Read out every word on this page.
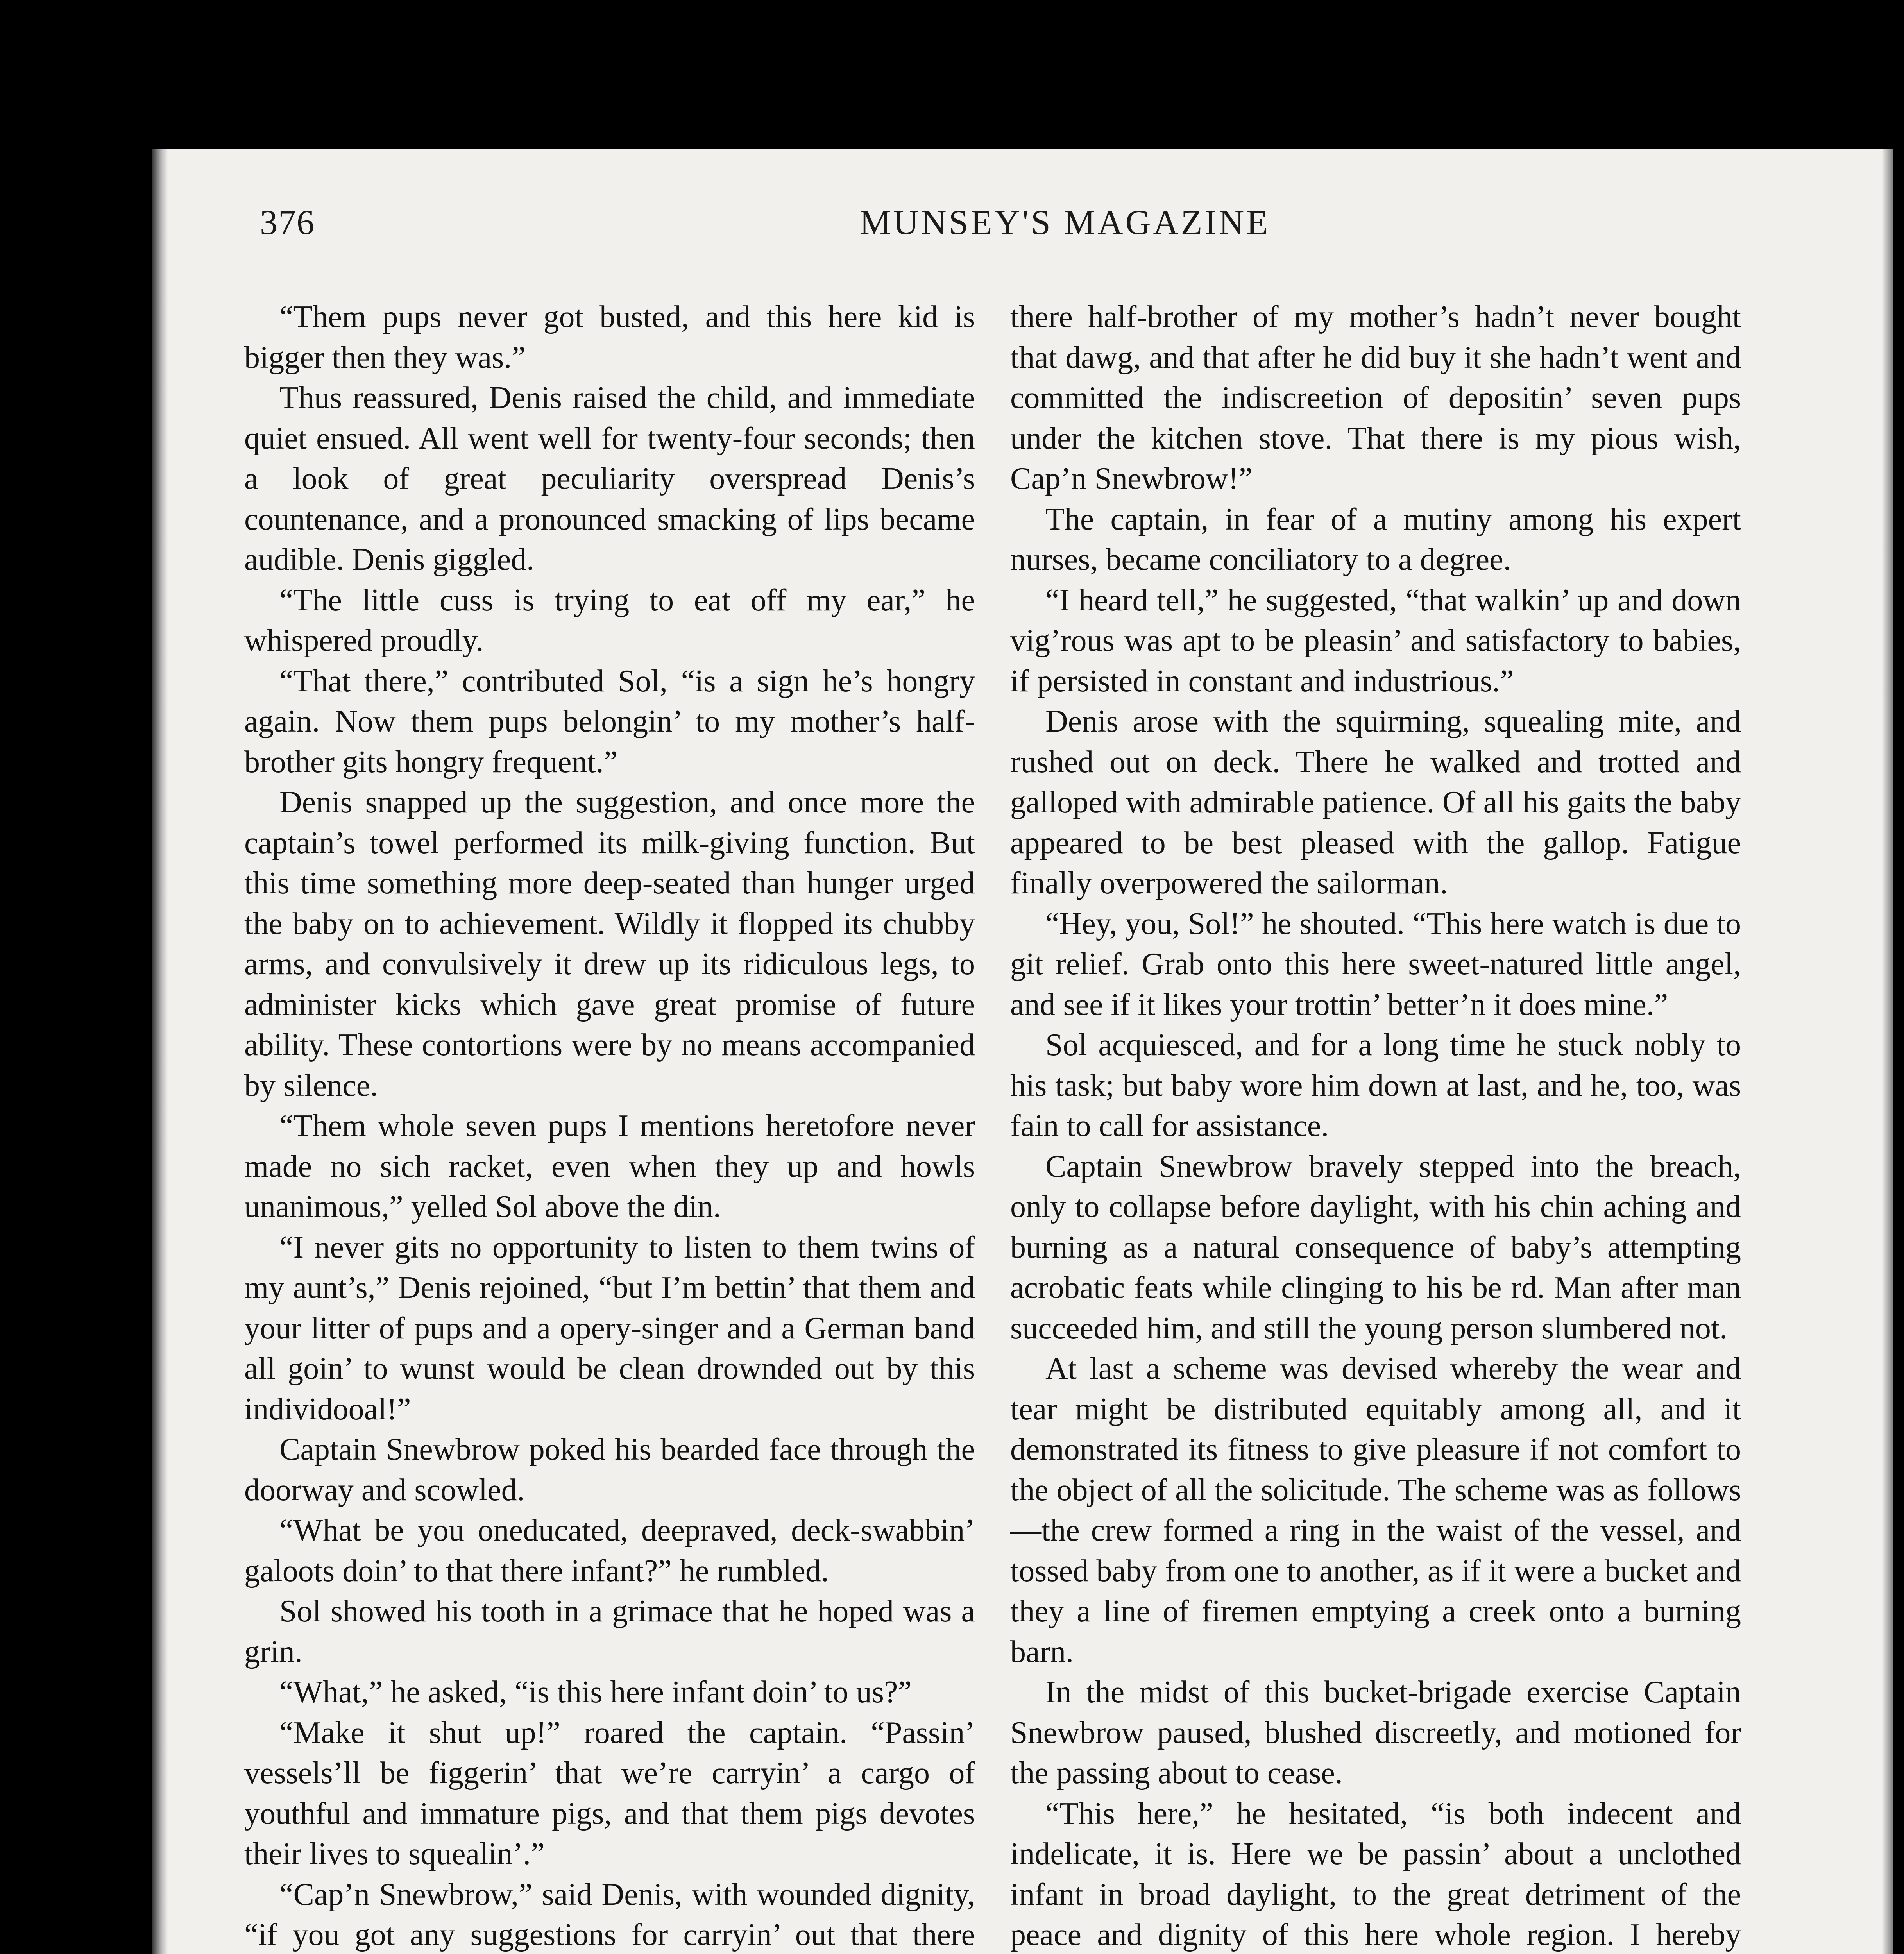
376	MUNSEY'S MAGAZINE

“Them pups never got busted, and this here kid is bigger then they was.”

Thus reassured, Denis raised the child, and immediate quiet ensued. All went well for twenty-four seconds; then a look of great peculiarity overspread Denis’s countenance, and a pronounced smacking of lips became audible. Denis giggled.

“The little cuss is trying to eat off my ear,” he whispered proudly.

“That there,” contributed Sol, “is a sign he’s hongry again. Now them pups belongin’ to my mother’s half-brother gits hongry frequent.”

Denis snapped up the suggestion, and once more the captain’s towel performed its milk-giving function. But this time something more deep-seated than hunger urged the baby on to achievement. Wildly it flopped its chubby arms, and convulsively it drew up its ridiculous legs, to administer kicks which gave great promise of future ability. These contortions were by no means accompanied by silence.

“Them whole seven pups I mentions heretofore never made no sich racket, even when they up and howls unanimous,” yelled Sol above the din.

“I never gits no opportunity to listen to them twins of my aunt’s,” Denis rejoined, “but I’m bettin’ that them and your litter of pups and a opery-singer and a German band all goin’ to wunst would be clean drownded out by this individooal!”

Captain Snewbrow poked his bearded face through the doorway and scowled.

“What be you oneducated, deepraved, deck-swabbin’ galoots doin’ to that there infant?” he rumbled.

Sol showed his tooth in a grimace that he hoped was a grin.

“What,” he asked, “is this here infant doin’ to us?”

“Make it shut up!” roared the captain. “Passin’ vessels’ll be figgerin’ that we’re carryin’ a cargo of youthful and immature pigs, and that them pigs devotes their lives to squealin’.”

“Cap’n Snewbrow,” said Denis, with wounded dignity, “if you got any suggestions for carryin’ out that there

there half-brother of my mother’s hadn’t never bought that dawg, and that after he did buy it she hadn’t went and committed the indiscreetion of depositin’ seven pups under the kitchen stove. That there is my pious wish, Cap’n Snewbrow!”

The captain, in fear of a mutiny among his expert nurses, became conciliatory to a degree.

“I heard tell,” he suggested, “that walkin’ up and down vig’rous was apt to be pleasin’ and satisfactory to babies, if persisted in constant and industrious.”

Denis arose with the squirming, squealing mite, and rushed out on deck. There he walked and trotted and galloped with admirable patience. Of all his gaits the baby appeared to be best pleased with the gallop. Fatigue finally overpowered the sailorman.

“Hey, you, Sol!” he shouted. “This here watch is due to git relief. Grab onto this here sweet-natured little angel, and see if it likes your trottin’ better’n it does mine.”

Sol acquiesced, and for a long time he stuck nobly to his task; but baby wore him down at last, and he, too, was fain to call for assistance.

Captain Snewbrow bravely stepped into the breach, only to collapse before daylight, with his chin aching and burning as a natural consequence of baby’s attempting acrobatic feats while clinging to his be rd. Man after man succeeded him, and still the young person slumbered not.

At last a scheme was devised whereby the wear and tear might be distributed equitably among all, and it demonstrated its fitness to give pleasure if not comfort to the object of all the solicitude. The scheme was as follows—the crew formed a ring in the waist of the vessel, and tossed baby from one to another, as if it were a bucket and they a line of firemen emptying a creek onto a burning barn.

In the midst of this bucket-brigade exercise Captain Snewbrow paused, blushed discreetly, and motioned for the passing about to cease.

“This here,” he hesitated, “is both indecent and indelicate, it is. Here we be passin’ about a unclothed infant in broad daylight, to the great detriment of the peace and dignity of this here whole region. I hereby
